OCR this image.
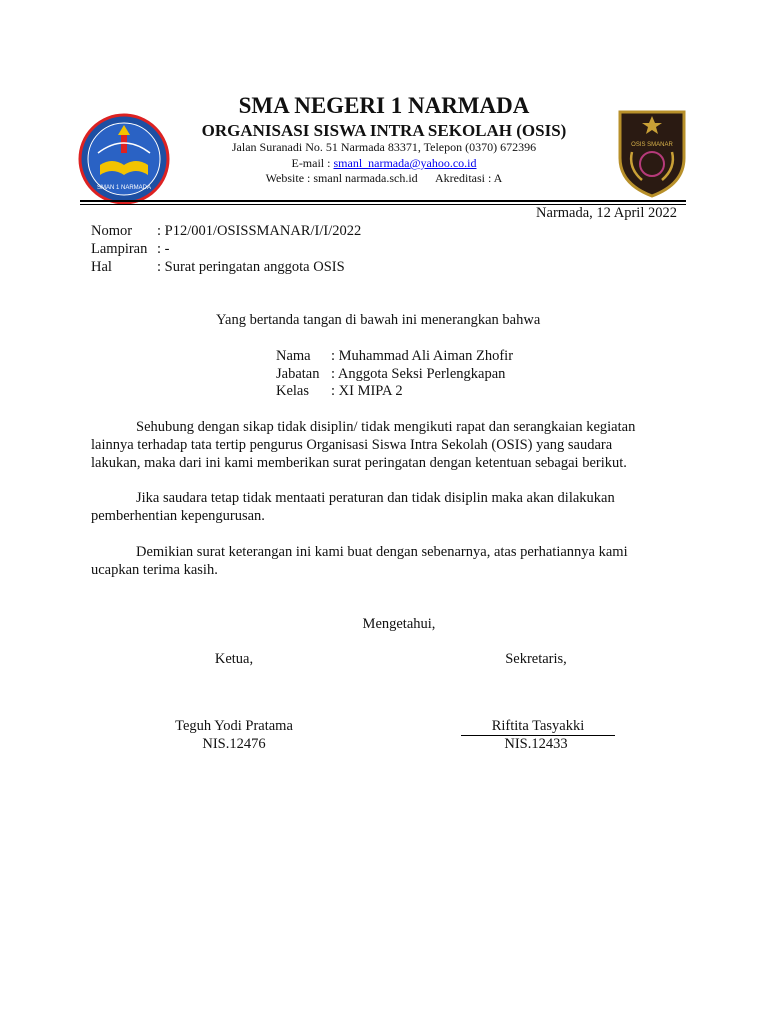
SMAN 1 NARMADA
OSIS SMANAR
SMA NEGERI 1 NARMADA
ORGANISASI SISWA INTRA SEKOLAH (OSIS)
Jalan Suranadi No. 51 Narmada 83371, Telepon (0370) 672396
E-mail : smanl_narmada@yahoo.co.id
Website : smanl narmada.sch.id      Akreditasi : A
Narmada, 12 April 2022
Nomor : P12/001/OSISSMANAR/I/I/2022
Lampiran : -
Hal	: Surat peringatan anggota OSIS
Yang bertanda tangan di bawah ini menerangkan bahwa
Nama : Muhammad Ali Aiman Zhofir
Jabatan : Anggota Seksi Perlengkapan
Kelas : XI MIPA 2
Sehubung dengan sikap tidak disiplin/ tidak mengikuti rapat dan serangkaian kegiatan
lainnya terhadap tata tertip pengurus Organisasi Siswa Intra Sekolah (OSIS) yang saudara
lakukan, maka dari ini kami memberikan surat peringatan dengan ketentuan sebagai berikut.
Jika saudara tetap tidak mentaati peraturan dan tidak disiplin maka akan dilakukan
pemberhentian kepengurusan.
Demikian surat keterangan ini kami buat dengan sebenarnya, atas perhatiannya kami
ucapkan terima kasih.
Mengetahui,
Ketua,	Sekretaris,
Teguh Yodi Pratama
NIS.12476
Riftita Tasyakki
NIS.12433
